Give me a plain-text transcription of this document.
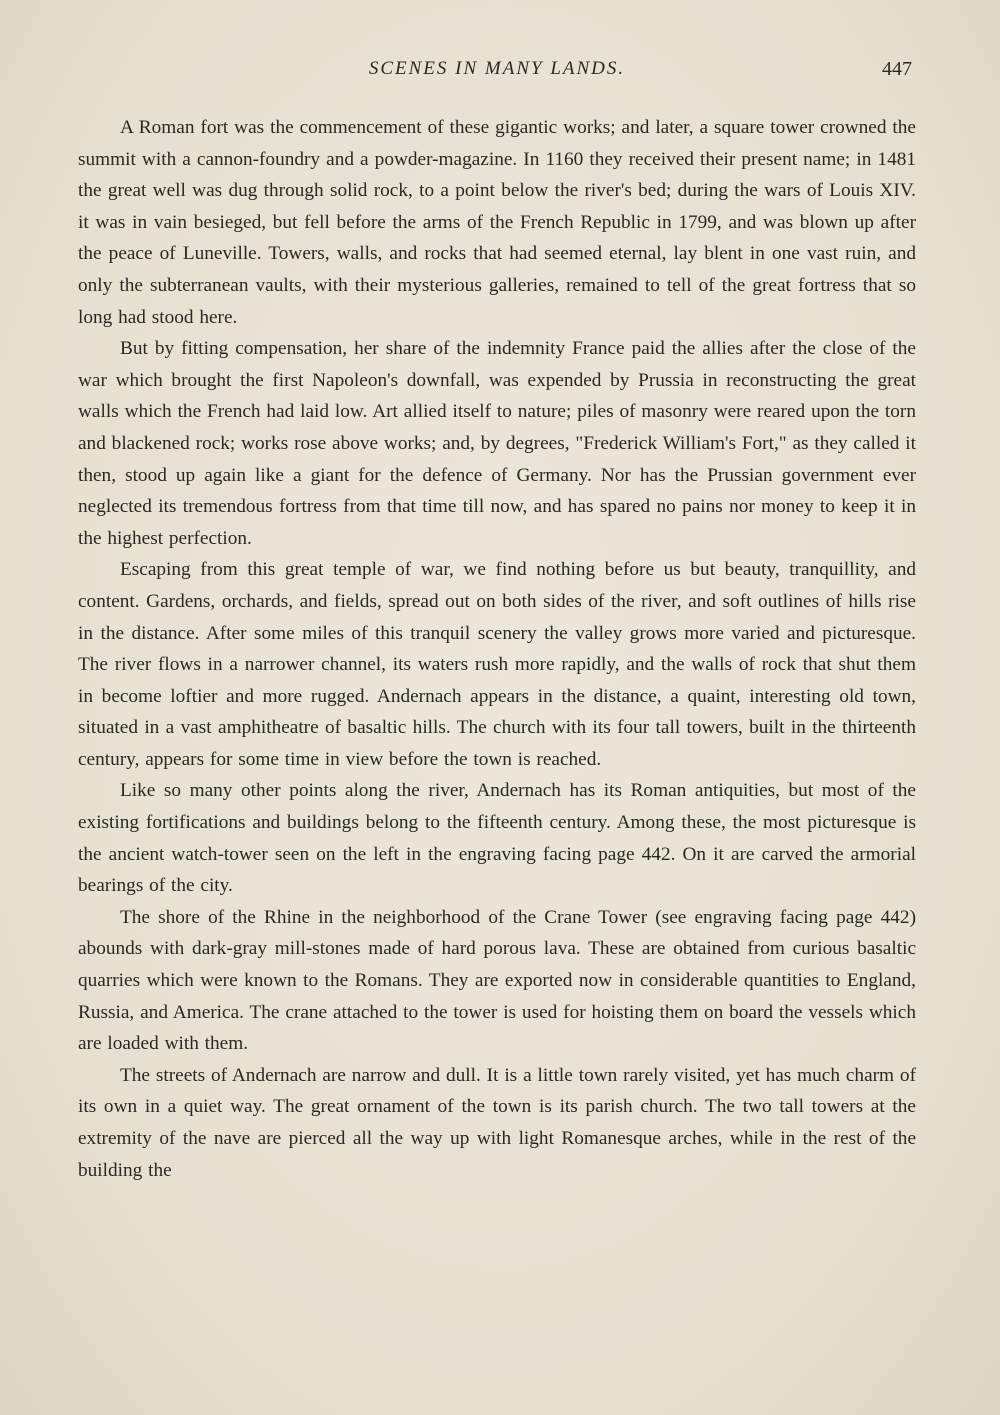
SCENES IN MANY LANDS.	447

A Roman fort was the commencement of these gigantic works; and later, a square tower crowned the summit with a cannon-foundry and a powder-magazine. In 1160 they received their present name; in 1481 the great well was dug through solid rock, to a point below the river's bed; during the wars of Louis XIV. it was in vain besieged, but fell before the arms of the French Republic in 1799, and was blown up after the peace of Luneville. Towers, walls, and rocks that had seemed eternal, lay blent in one vast ruin, and only the subterranean vaults, with their mysterious galleries, remained to tell of the great fortress that so long had stood here.

But by fitting compensation, her share of the indemnity France paid the allies after the close of the war which brought the first Napoleon's downfall, was expended by Prussia in reconstructing the great walls which the French had laid low. Art allied itself to nature; piles of masonry were reared upon the torn and blackened rock; works rose above works; and, by degrees, "Frederick William's Fort," as they called it then, stood up again like a giant for the defence of Germany. Nor has the Prussian government ever neglected its tremendous fortress from that time till now, and has spared no pains nor money to keep it in the highest perfection.

Escaping from this great temple of war, we find nothing before us but beauty, tranquillity, and content. Gardens, orchards, and fields, spread out on both sides of the river, and soft outlines of hills rise in the distance. After some miles of this tranquil scenery the valley grows more varied and picturesque. The river flows in a narrower channel, its waters rush more rapidly, and the walls of rock that shut them in become loftier and more rugged. Andernach appears in the distance, a quaint, interesting old town, situated in a vast amphitheatre of basaltic hills. The church with its four tall towers, built in the thirteenth century, appears for some time in view before the town is reached.

Like so many other points along the river, Andernach has its Roman antiquities, but most of the existing fortifications and buildings belong to the fifteenth century. Among these, the most picturesque is the ancient watch-tower seen on the left in the engraving facing page 442. On it are carved the armorial bearings of the city.

The shore of the Rhine in the neighborhood of the Crane Tower (see engraving facing page 442) abounds with dark-gray mill-stones made of hard porous lava. These are obtained from curious basaltic quarries which were known to the Romans. They are exported now in considerable quantities to England, Russia, and America. The crane attached to the tower is used for hoisting them on board the vessels which are loaded with them.

The streets of Andernach are narrow and dull. It is a little town rarely visited, yet has much charm of its own in a quiet way. The great ornament of the town is its parish church. The two tall towers at the extremity of the nave are pierced all the way up with light Romanesque arches, while in the rest of the building the
